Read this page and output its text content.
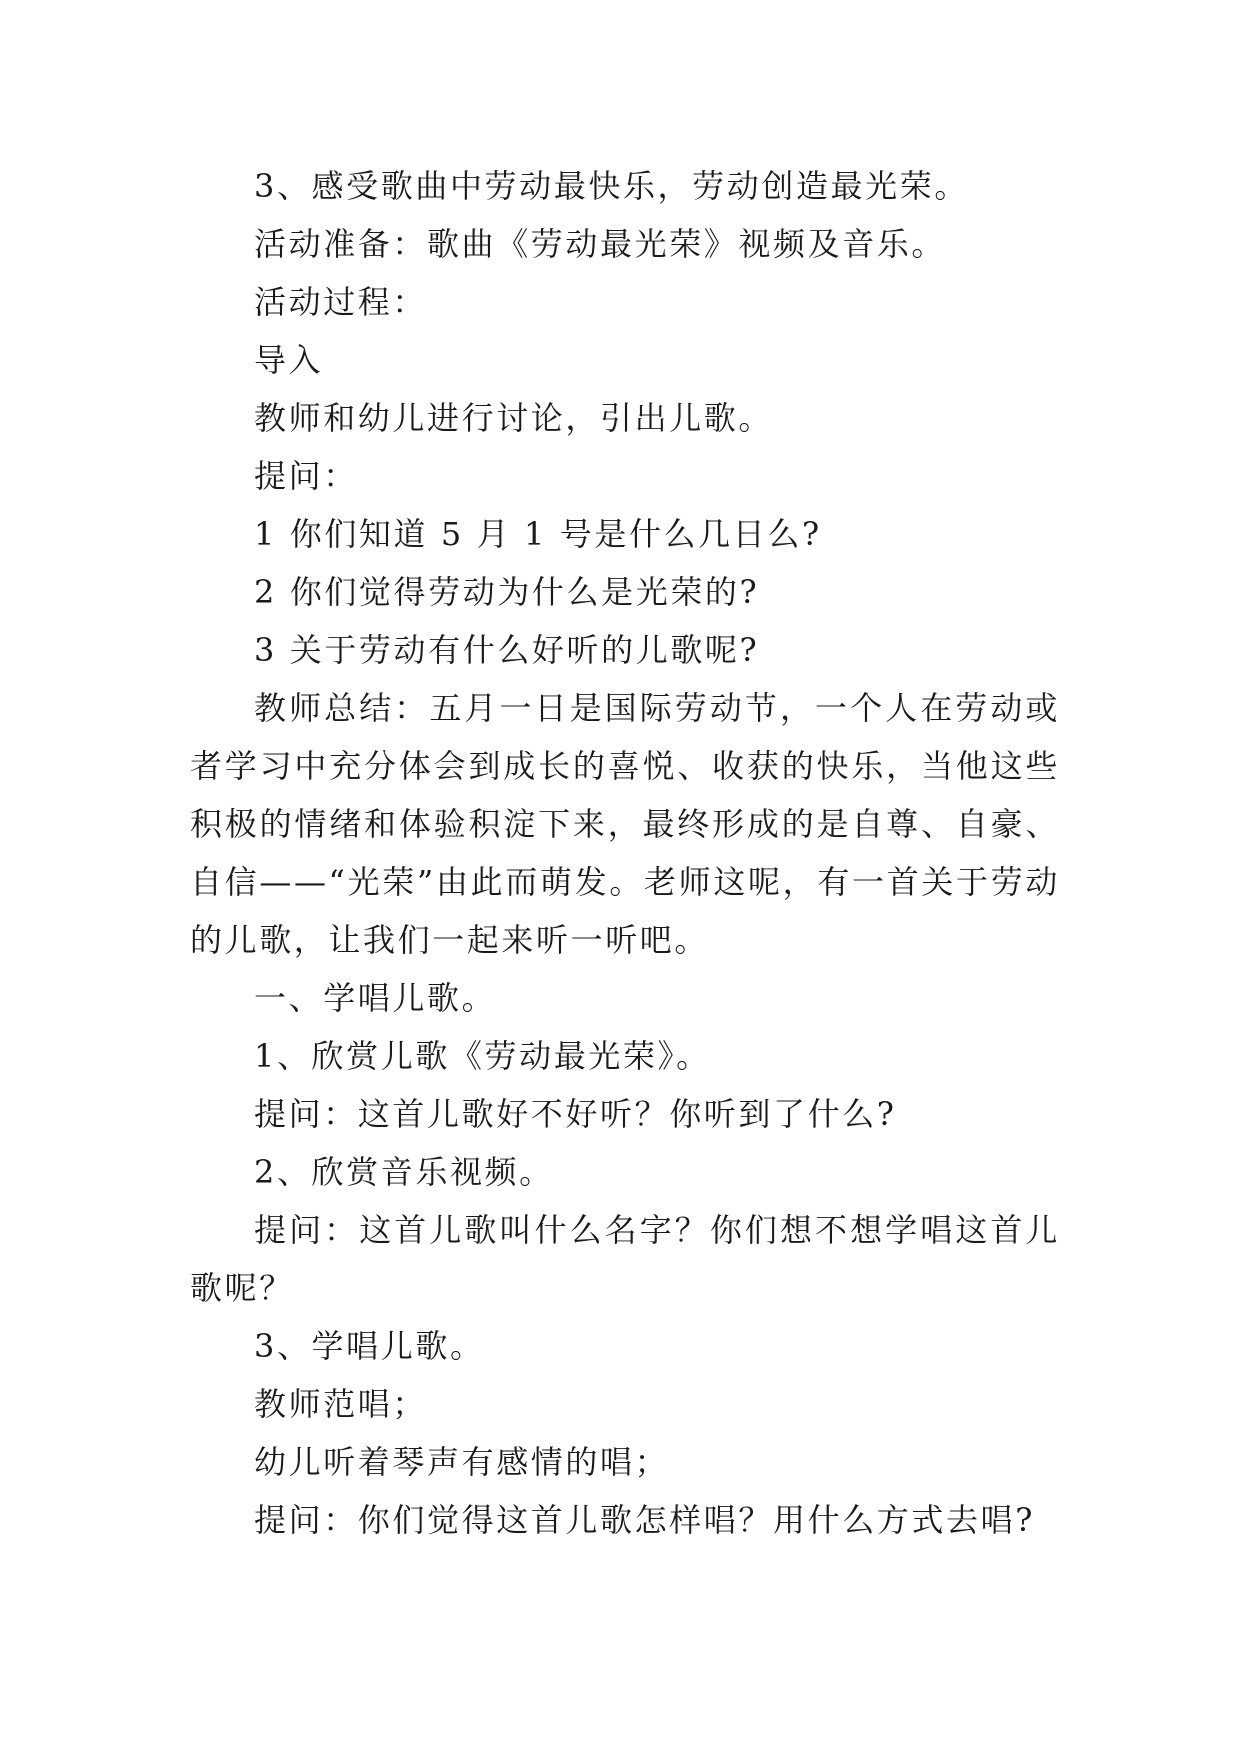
3、感受歌曲中劳动最快乐，劳动创造最光荣。

活动准备：歌曲《劳动最光荣》视频及音乐。

活动过程：

导入

教师和幼儿进行讨论，引出儿歌。

提问：

1 你们知道 5 月 1 号是什么几日么?

2 你们觉得劳动为什么是光荣的?

3 关于劳动有什么好听的儿歌呢?

教师总结：五月一日是国际劳动节，一个人在劳动或者学习中充分体会到成长的喜悦、收获的快乐，当他这些积极的情绪和体验积淀下来，最终形成的是自尊、自豪、自信——“光荣”由此而萌发。老师这呢，有一首关于劳动的儿歌，让我们一起来听一听吧。

一、学唱儿歌。

1、欣赏儿歌《劳动最光荣》。

提问：这首儿歌好不好听？你听到了什么?

2、欣赏音乐视频。

提问：这首儿歌叫什么名字？你们想不想学唱这首儿歌呢？

3、学唱儿歌。

教师范唱；

幼儿听着琴声有感情的唱；

提问：你们觉得这首儿歌怎样唱？用什么方式去唱?
